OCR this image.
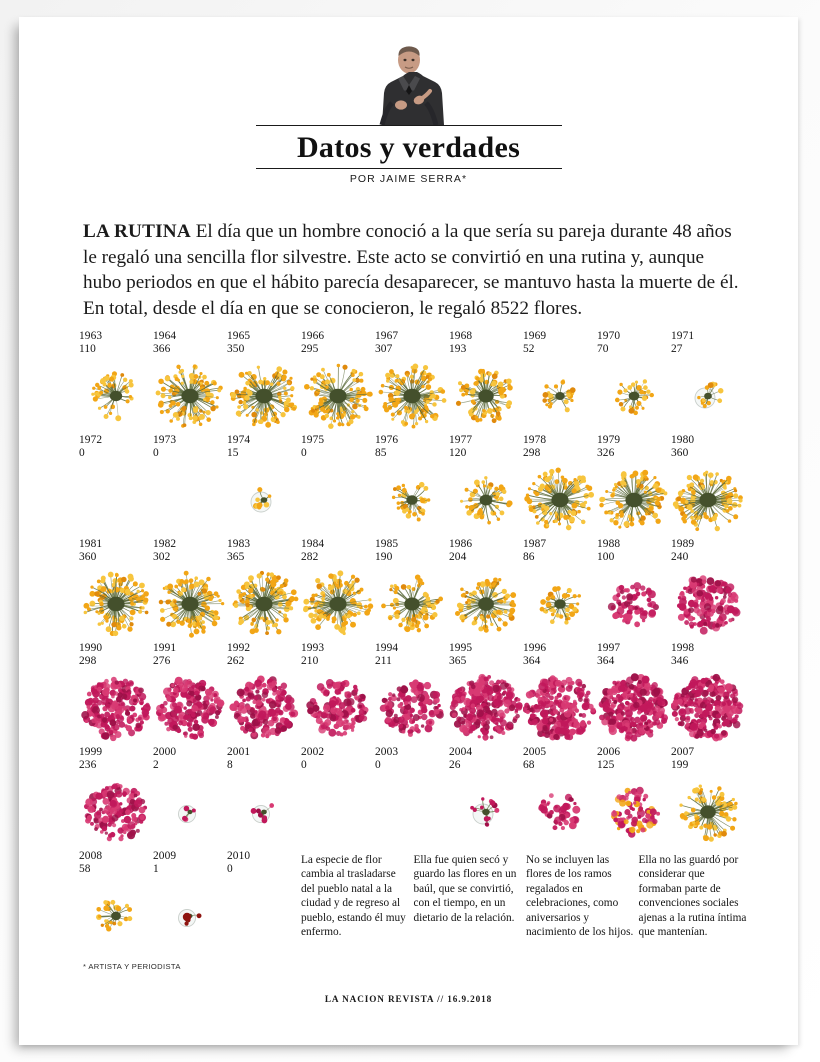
Datos y verdades
POR JAIME SERRA*

LA RUTINA El día que un hombre conoció a la que sería su pareja durante 48 años le regaló una sencilla flor silvestre. Este acto se convirtió en una rutina y, aunque hubo periodos en que el hábito parecía desaparecer, se mantuvo hasta la muerte de él. En total, desde el día en que se conocieron, le regaló 8522 flores.

1963
110
1964
366
1965
350
1966
295
1967
307
1968
193
1969
52
1970
70
1971
27
1972
0
1973
0
1974
15
1975
0
1976
85
1977
120
1978
298
1979
326
1980
360
1981
360
1982
302
1983
365
1984
282
1985
190
1986
204
1987
86
1988
100
1989
240
1990
298
1991
276
1992
262
1993
210
1994
211
1995
365
1996
364
1997
364
1998
346
1999
236
2000
2
2001
8
2002
0
2003
0
2004
26
2005
68
2006
125
2007
199
2008
58
2009
1
2010
0
La especie de flor cambia al trasladarse del pueblo natal a la ciudad y de regreso al pueblo, estando él muy enfermo.
Ella fue quien secó y guardo las flores en un baúl, que se convirtió, con el tiempo, en un dietario de la relación.
No se incluyen las flores de los ramos regalados en celebraciones, como aniversarios y nacimiento de los hijos.
Ella no las guardó por considerar que formaban parte de convenciones sociales ajenas a la rutina íntima que mantenían.
* ARTISTA Y PERIODISTA
LA NACION REVISTA // 16.9.2018
